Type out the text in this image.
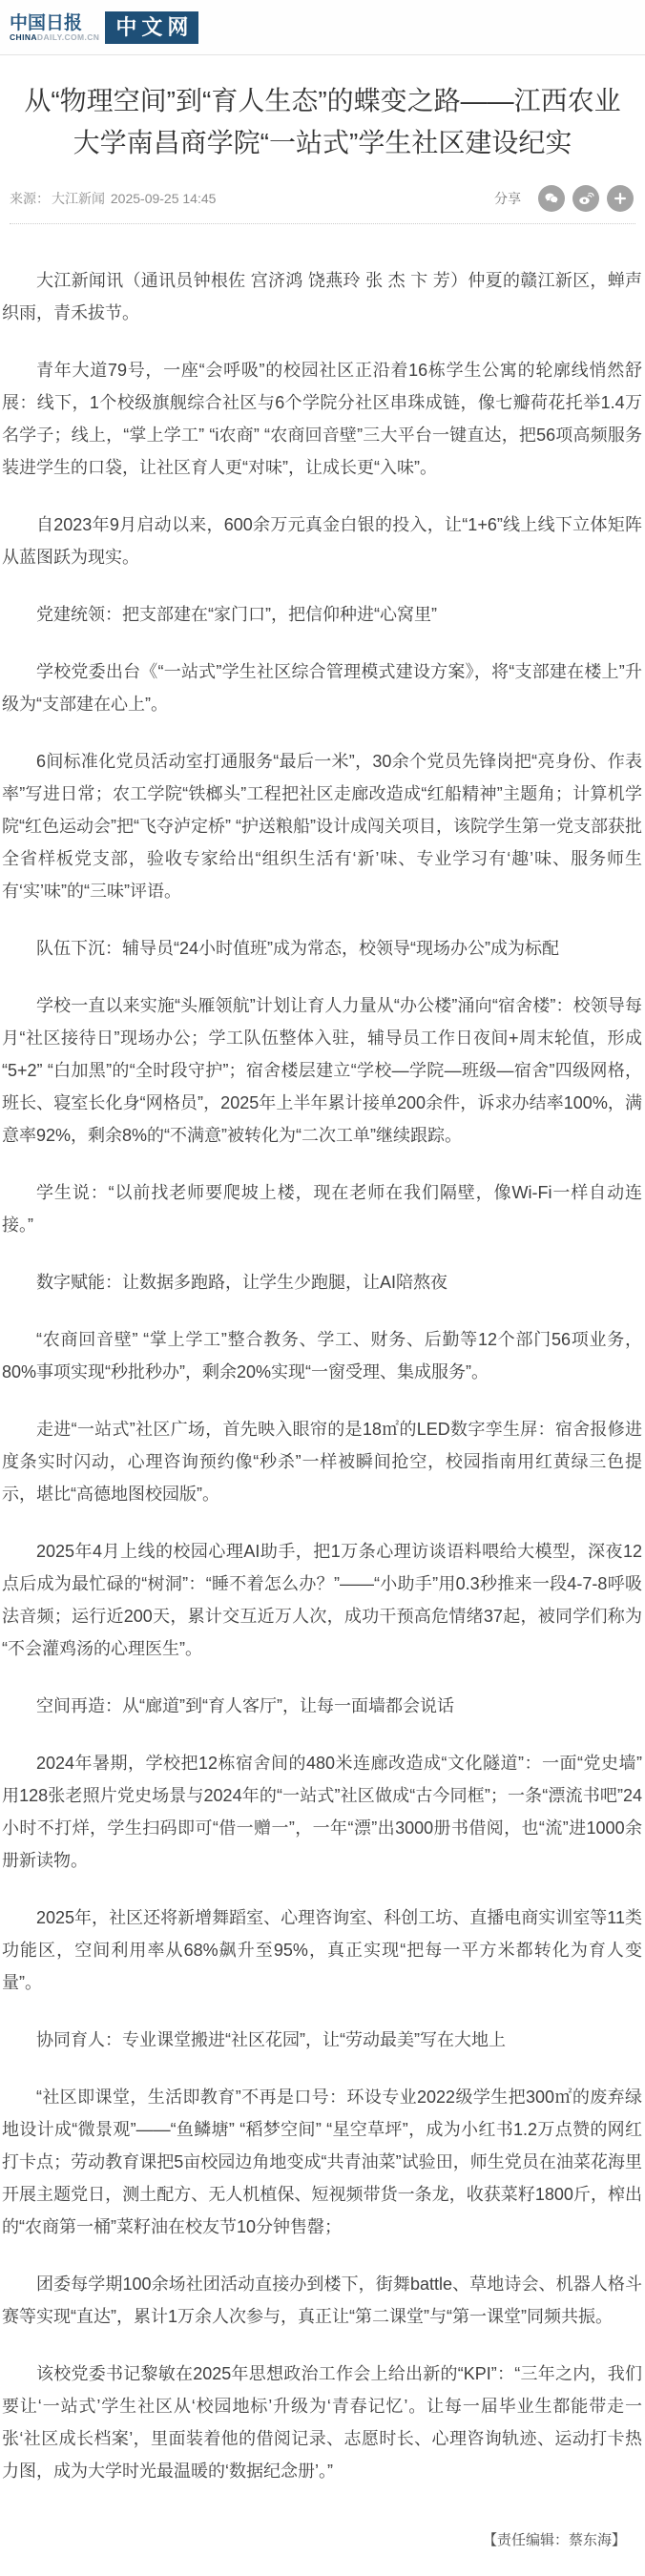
中国日报
CHINADAILY.COM.CN 中文网
从“物理空间”到“育人生态”的蝶变之路——江西农业大学南昌商学院“一站式”学生社区建设纪实
来源： 大江新闻 2025-09-25 14:45	分享

大江新闻讯（通讯员钟根佐 宫济鸿 饶燕玲 张 杰 卞 芳）仲夏的赣江新区，蝉声织雨，青禾拔节。

青年大道79号，一座“会呼吸”的校园社区正沿着16栋学生公寓的轮廓线悄然舒展：线下，1个校级旗舰综合社区与6个学院分社区串珠成链，像七瓣荷花托举1.4万名学子；线上，“掌上学工” “i农商” “农商回音壁”三大平台一键直达，把56项高频服务装进学生的口袋，让社区育人更“对味”，让成长更“入味”。

自2023年9月启动以来，600余万元真金白银的投入，让“1+6”线上线下立体矩阵从蓝图跃为现实。

党建统领：把支部建在“家门口”，把信仰种进“心窝里”

学校党委出台《“一站式”学生社区综合管理模式建设方案》，将“支部建在楼上”升级为“支部建在心上”。

6间标准化党员活动室打通服务“最后一米”，30余个党员先锋岗把“亮身份、作表率”写进日常；农工学院“铁榔头”工程把社区走廊改造成“红船精神”主题角；计算机学院“红色运动会”把“飞夺泸定桥” “护送粮船”设计成闯关项目，该院学生第一党支部获批全省样板党支部，验收专家给出“组织生活有‘新’味、专业学习有‘趣’味、服务师生有‘实’味”的“三味”评语。

队伍下沉：辅导员“24小时值班”成为常态，校领导“现场办公”成为标配

学校一直以来实施“头雁领航”计划让育人力量从“办公楼”涌向“宿舍楼”：校领导每月“社区接待日”现场办公；学工队伍整体入驻，辅导员工作日夜间+周末轮值，形成“5+2” “白加黑”的“全时段守护”；宿舍楼层建立“学校—学院—班级—宿舍”四级网格，班长、寝室长化身“网格员”，2025年上半年累计接单200余件，诉求办结率100%，满意率92%，剩余8%的“不满意”被转化为“二次工单”继续跟踪。

学生说：“以前找老师要爬坡上楼，现在老师在我们隔壁，像Wi-Fi一样自动连接。”

数字赋能：让数据多跑路，让学生少跑腿，让AI陪熬夜

“农商回音壁” “掌上学工”整合教务、学工、财务、后勤等12个部门56项业务，80%事项实现“秒批秒办”，剩余20%实现“一窗受理、集成服务”。

走进“一站式”社区广场，首先映入眼帘的是18㎡的LED数字孪生屏：宿舍报修进度条实时闪动，心理咨询预约像“秒杀”一样被瞬间抢空，校园指南用红黄绿三色提示，堪比“高德地图校园版”。

2025年4月上线的校园心理AI助手，把1万条心理访谈语料喂给大模型，深夜12点后成为最忙碌的“树洞”：“睡不着怎么办？”——“小助手”用0.3秒推来一段4-7-8呼吸法音频；运行近200天，累计交互近万人次，成功干预高危情绪37起，被同学们称为“不会灌鸡汤的心理医生”。

空间再造：从“廊道”到“育人客厅”，让每一面墙都会说话

2024年暑期，学校把12栋宿舍间的480米连廊改造成“文化隧道”：一面“党史墙”用128张老照片党史场景与2024年的“一站式”社区做成“古今同框”；一条“漂流书吧”24小时不打烊，学生扫码即可“借一赠一”，一年“漂”出3000册书借阅，也“流”进1000余册新读物。

2025年，社区还将新增舞蹈室、心理咨询室、科创工坊、直播电商实训室等11类功能区，空间利用率从68%飙升至95%，真正实现“把每一平方米都转化为育人变量”。

协同育人：专业课堂搬进“社区花园”，让“劳动最美”写在大地上

“社区即课堂，生活即教育”不再是口号：环设专业2022级学生把300㎡的废弃绿地设计成“微景观”——“鱼鳞塘” “稻梦空间” “星空草坪”，成为小红书1.2万点赞的网红打卡点；劳动教育课把5亩校园边角地变成“共青油菜”试验田，师生党员在油菜花海里开展主题党日，测土配方、无人机植保、短视频带货一条龙，收获菜籽1800斤，榨出的“农商第一桶”菜籽油在校友节10分钟售罄；

团委每学期100余场社团活动直接办到楼下，街舞battle、草地诗会、机器人格斗赛等实现“直达”，累计1万余人次参与，真正让“第二课堂”与“第一课堂”同频共振。

该校党委书记黎敏在2025年思想政治工作会上给出新的“KPI”：“三年之内，我们要让‘一站式’学生社区从‘校园地标’升级为‘青春记忆’。让每一届毕业生都能带走一张‘社区成长档案’，里面装着他的借阅记录、志愿时长、心理咨询轨迹、运动打卡热力图，成为大学时光最温暖的‘数据纪念册’。”

【责任编辑：蔡东海】
